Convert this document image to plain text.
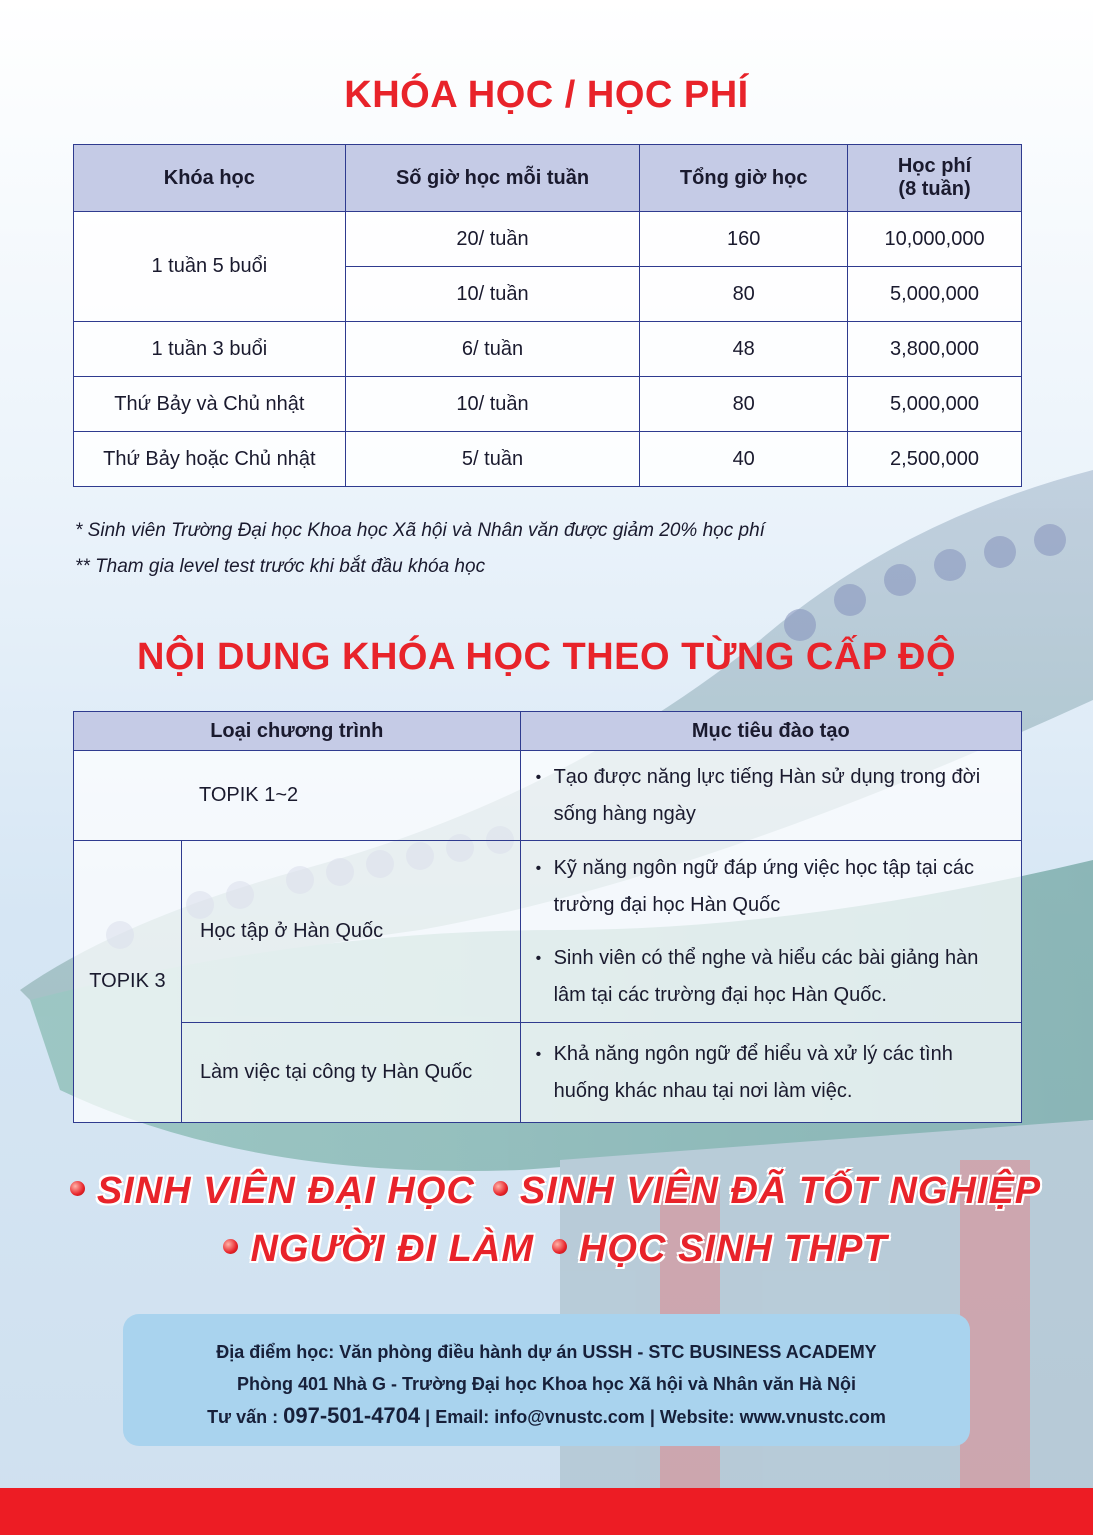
KHÓA HỌC / HỌC PHÍ
Khóa học	Số giờ học mỗi tuần	Tổng giờ học	Học phí
(8 tuần)

1 tuần 5 buổi	20/ tuần	160	10,000,000
	10/ tuần	80	5,000,000
1 tuần 3 buổi	6/ tuần	48	3,800,000
Thứ Bảy và Chủ nhật	10/ tuần	80	5,000,000
Thứ Bảy hoặc Chủ nhật	5/ tuần	40	2,500,000
* Sinh viên Trường Đại học Khoa học Xã hội và Nhân văn được giảm 20% học phí
** Tham gia level test trước khi bắt đầu khóa học
NỘI DUNG KHÓA HỌC THEO TỪNG CẤP ĐỘ
Loại chương trình		Mục tiêu đào tạo
TOPIK 1~2		• Tạo được năng lực tiếng Hàn sử dụng trong đời sống hàng ngày

TOPIK 3	Học tập ở Hàn Quốc	• Kỹ năng ngôn ngữ đáp ứng việc học tập tại các trường đại học Hàn Quốc
• Sinh viên có thể nghe và hiểu các bài giảng hàn lâm tại các trường đại học Hàn Quốc.

	Làm việc tại công ty Hàn Quốc	• Khả năng ngôn ngữ để hiểu và xử lý các tình huống khác nhau tại nơi làm việc.
SINH VIÊN ĐẠI HỌC SINH VIÊN ĐÃ TỐT NGHIỆP
NGƯỜI ĐI LÀM HỌC SINH THPT
Địa điểm học: Văn phòng điều hành dự án USSH - STC BUSINESS ACADEMY
Phòng 401 Nhà G - Trường Đại học Khoa học Xã hội và Nhân văn Hà Nội
Tư vấn : 097-501-4704 | Email: info@vnustc.com | Website: www.vnustc.com
